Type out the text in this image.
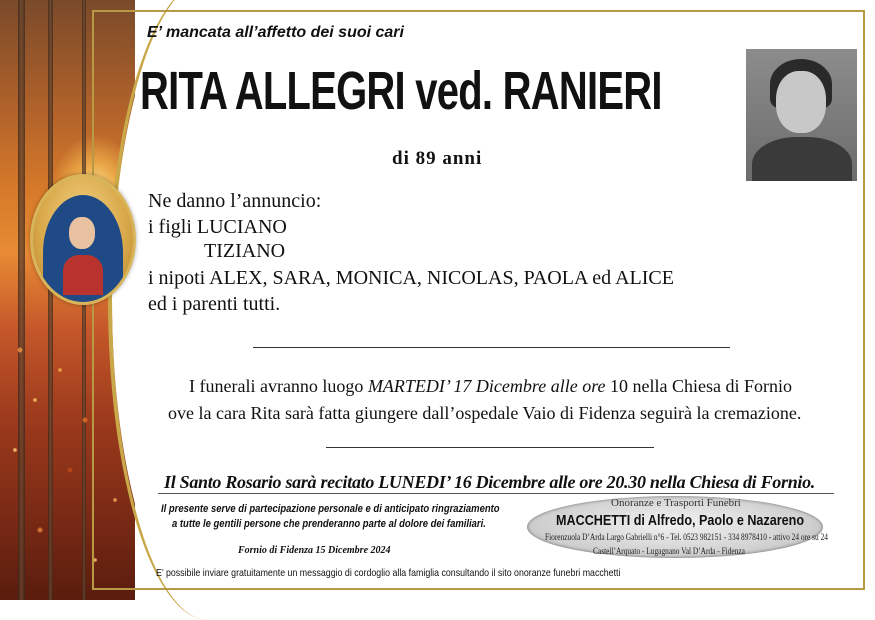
E’ mancata all’affetto dei suoi cari
RITA ALLEGRI ved. RANIERI
di 89 anni
Ne danno l’annuncio:
i figli LUCIANO
TIZIANO
i nipoti ALEX, SARA, MONICA, NICOLAS, PAOLA ed ALICE
ed i parenti tutti.
I funerali avranno luogo MARTEDI’ 17 Dicembre alle ore 10 nella Chiesa di Fornio
ove la cara Rita sarà fatta giungere dall’ospedale Vaio di Fidenza seguirà la cremazione.
Il Santo Rosario sarà recitato LUNEDI’ 16 Dicembre alle ore 20.30 nella Chiesa di Fornio.
Il presente serve di partecipazione personale e di anticipato ringraziamento
a tutte le gentili persone che prenderanno parte al dolore dei familiari.
Fornio di Fidenza 15 Dicembre 2024
Onoranze e Trasporti Funebri
MACCHETTI di Alfredo, Paolo e Nazareno
Fiorenzuola D’Arda Largo Gabrielli n°6 - Tel. 0523 982151 - 334 8978410 - attivo 24 ore su 24
Castell’Arquato - Lugagnano Val D’Arda - Fidenza
E’ possibile inviare gratuitamente un messaggio di cordoglio alla famiglia consultando il sito onoranze funebri macchetti
